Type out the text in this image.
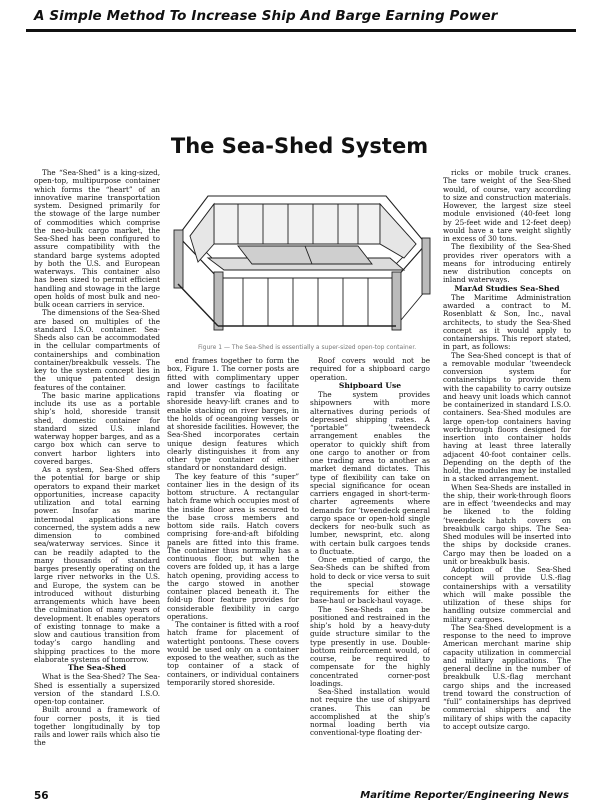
A Simple Method To Increase Ship And Barge Earning Power
The Sea-Shed System
Figure 1 — The Sea-Shed is essentially a super-sized open-top container.

The “Sea-Shed” is a king-sized, open-top, multipurpose container which forms the “heart” of an innovative marine transportation system. Designed primarily for the stowage of the large number of commodities which comprise the neo-bulk cargo market, the Sea-Shed has been configured to assure compatibility with the standard barge systems adopted by both the U.S. and European waterways. This container also has been sized to permit efficient handling and stowage in the large open holds of most bulk and neo-bulk ocean carriers in service.

The dimensions of the Sea-Shed are based on multiples of the standard I.S.O. container. Sea-Sheds also can be accommodated in the cellular compartments of containerships and combination container/breakbulk vessels. The key to the system concept lies in the unique patented design features of the container.

The basic marine applications include its use as a portable ship’s hold, shoreside transit shed, domestic container for standard sized U.S. inland waterway hopper barges, and as a cargo box which can serve to convert harbor lighters into covered barges.

As a system, Sea-Shed offers the potential for barge or ship operators to expand their market opportunities, increase capacity utilization and total earning power. Insofar as marine intermodal applications are concerned, the system adds a new dimension to combined sea/waterway services. Since it can be readily adapted to the many thousands of standard barges presently operating on the large river networks in the U.S. and Europe, the system can be introduced without disturbing arrangements which have been the culmination of many years of development. It enables operators of existing tonnage to make a slow and cautious transition from today’s cargo handling and shipping practices to the more elaborate systems of tomorrow.

The Sea-Shed

What is the Sea-Shed? The Sea-Shed is essentially a supersized version of the standard I.S.O. open-top container.

Built around a framework of four corner posts, it is tied together longitudinally by top rails and lower rails which also tie the

end frames together to form the box, Figure 1. The corner posts are fitted with complimentary upper and lower castings to facilitate rapid transfer via floating or shoreside heavy-lift cranes and to enable stacking on river barges, in the holds of oceangoing vessels or at shoreside facilities. However, the Sea-Shed incorporates certain unique design features which clearly distinguishes it from any other type container of either standard or nonstandard design.

The key feature of this “super” container lies in the design of its bottom structure. A rectangular hatch frame which occupies most of the inside floor area is secured to the base cross members and bottom side rails. Hatch covers comprising fore-and-aft bifolding panels are fitted into this frame. The container thus normally has a continuous floor, but when the covers are folded up, it has a large hatch opening, providing access to the cargo stowed in another container placed beneath it. The fold-up floor feature provides for considerable flexibility in cargo operations.

The container is fitted with a roof hatch frame for placement of watertight pontoons. These covers would be used only on a container exposed to the weather, such as the top container of a stack of containers, or individual containers temporarily stored shoreside.

Roof covers would not be required for a shipboard cargo operation.

Shipboard Use

The system provides shipowners with more alternatives during periods of depressed shipping rates. A “portable” ’tweendeck arrangement enables the operator to quickly shift from one cargo to another or from one trading area to another as market demand dictates. This type of flexibility can take on special significance for ocean carriers engaged in short-term-charter agreements where demands for ’tweendeck general cargo space or open-hold single deckers for neo-bulk such as lumber, newsprint, etc. along with certain bulk cargoes tends to fluctuate.

Once emptied of cargo, the Sea-Sheds can be shifted from hold to deck or vice versa to suit the special stowage requirements for either the base-haul or back-haul voyage.

The Sea-Sheds can be positioned and restrained in the ship’s hold by a heavy-duty guide structure similar to the type presently in use. Double-bottom reinforcement would, of course, be required to compensate for the highly concentrated corner-post loadings.

Sea-Shed installation would not require the use of shipyard cranes. This can be accomplished at the ship’s normal loading berth via conventional-type floating der-

ricks or mobile truck cranes. The tare weight of the Sea-Shed would, of course, vary according to size and construction materials. However, the largest size steel module envisioned (40-feet long by 25-feet wide and 12-feet deep) would have a tare weight slightly in excess of 30 tons.

The flexibility of the Sea-Shed provides river operators with a means for introducing entirely new distribution concepts on inland waterways.

MarAd Studies Sea-Shed

The Maritime Administration awarded a contract to M. Rosenblatt & Son, Inc., naval architects, to study the Sea-Shed concept as it would apply to containerships. This report stated, in part, as follows:

The Sea-Shed concept is that of a removable modular ’tweendeck conversion system for containerships to provide them with the capability to carry outsize and heavy unit loads which cannot be containerized in standard I.S.O. containers. Sea-Shed modules are large open-top containers having work-through floors designed for insertion into container holds having at least three laterally adjacent 40-foot container cells. Depending on the depth of the hold, the modules may be installed in a stacked arrangement.

When Sea-Sheds are installed in the ship, their work-through floors are in effect ’tweendecks and may be likened to the folding ’tweendeck hatch covers on breakbulk cargo ships. The Sea-Shed modules will be inserted into the ships by dockside cranes. Cargo may then be loaded on a unit or breakbulk basis.

Adoption of the Sea-Shed concept will provide U.S.-flag containerships with a versatility which will make possible the utilization of these ships for handling outsize commercial and military cargoes.

The Sea-Shed development is a response to the need to improve American merchant marine ship capacity utilization in commercial and military applications. The general decline in the number of breakbulk U.S.-flag merchant cargo ships and the increased trend toward the construction of “full” containerships has deprived commercial shippers and the military of ships with the capacity to accept outsize cargo.

56	Maritime Reporter/Engineering News
